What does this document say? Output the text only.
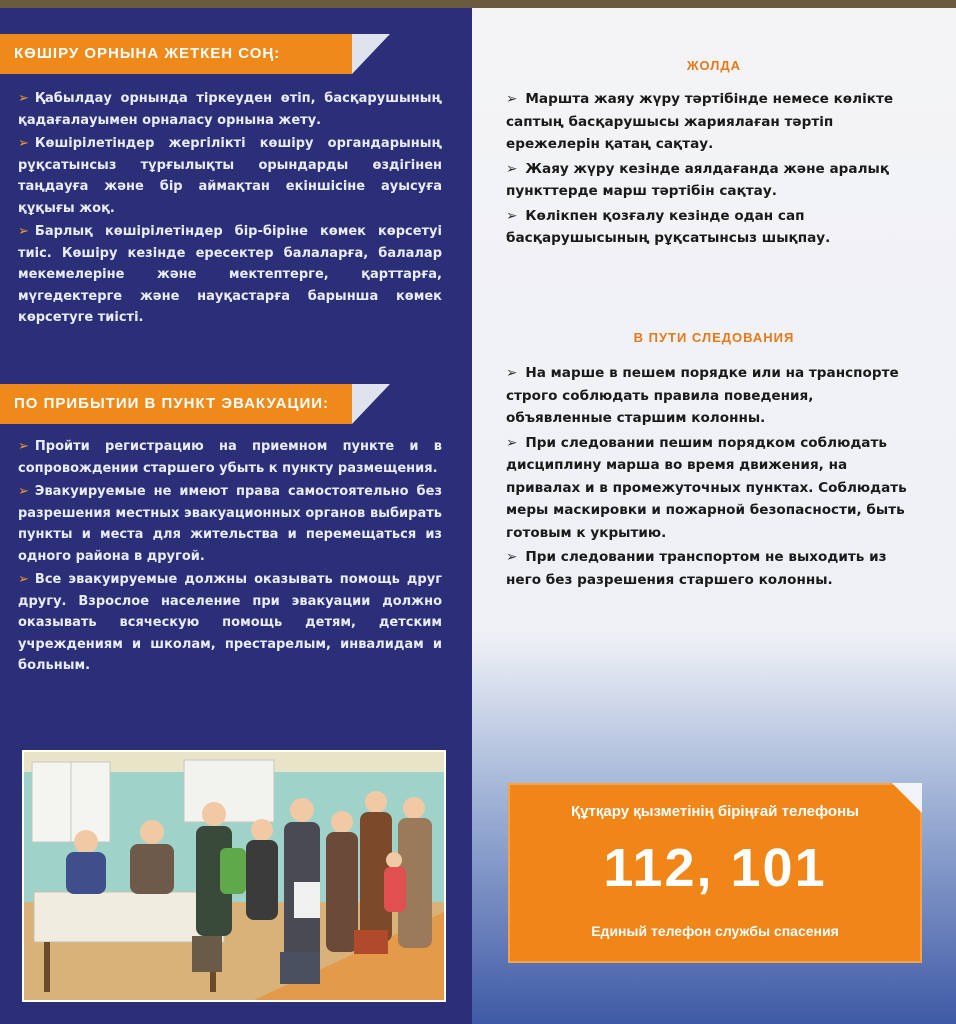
КӨШІРУ ОРНЫНА ЖЕТКЕН СОҢ:

➢ Қабылдау орнында тіркеуден өтіп, басқарушының қадағалауымен орналасу орнына жету.

➢ Көшірілетіндер жергілікті көшіру органдарының рұқсатынсыз тұрғылықты орындарды өздігінен таңдауға және бір аймақтан екіншісіне ауысуға құқығы жоқ.

➢ Барлық көшірілетіндер бір-біріне көмек көрсетуі тиіс. Көшіру кезінде ересектер балаларға, балалар мекемелеріне және мектептерге, қарттарға, мүгедектерге және науқастарға барынша көмек көрсетуге тиісті.

ПО ПРИБЫТИИ В ПУНКТ ЭВАКУАЦИИ:

➢ Пройти регистрацию на приемном пункте и в сопровождении старшего убыть к пункту размещения.

➢ Эвакуируемые не имеют права самостоятельно без разрешения местных эвакуационных органов выбирать пункты и места для жительства и перемещаться из одного района в другой.

➢ Все эвакуируемые должны оказывать помощь друг другу. Взрослое население при эвакуации должно оказывать всяческую помощь детям, детским учреждениям и школам, престарелым, инвалидам и больным.

ЖОЛДА

➢ Маршта жаяу жүру тәртібінде немесе көлікте саптың басқарушысы жариялаған тәртіп ережелерін қатаң сақтау.

➢ Жаяу жүру кезінде аялдағанда және аралық пункттерде марш тәртібін сақтау.

➢ Көлікпен қозғалу кезінде одан сап басқарушысының рұқсатынсыз шықпау.

В ПУТИ СЛЕДОВАНИЯ

➢ На марше в пешем порядке или на транспорте строго соблюдать правила поведения, объявленные старшим колонны.

➢ При следовании пешим порядком соблюдать дисциплину марша во время движения, на привалах и в промежуточных пунктах. Соблюдать меры маскировки и пожарной безопасности, быть готовым к укрытию.

➢ При следовании транспортом не выходить из него без разрешения старшего колонны.

Құтқару қызметінің біріңғай телефоны
112, 101
Единый телефон службы спасения
